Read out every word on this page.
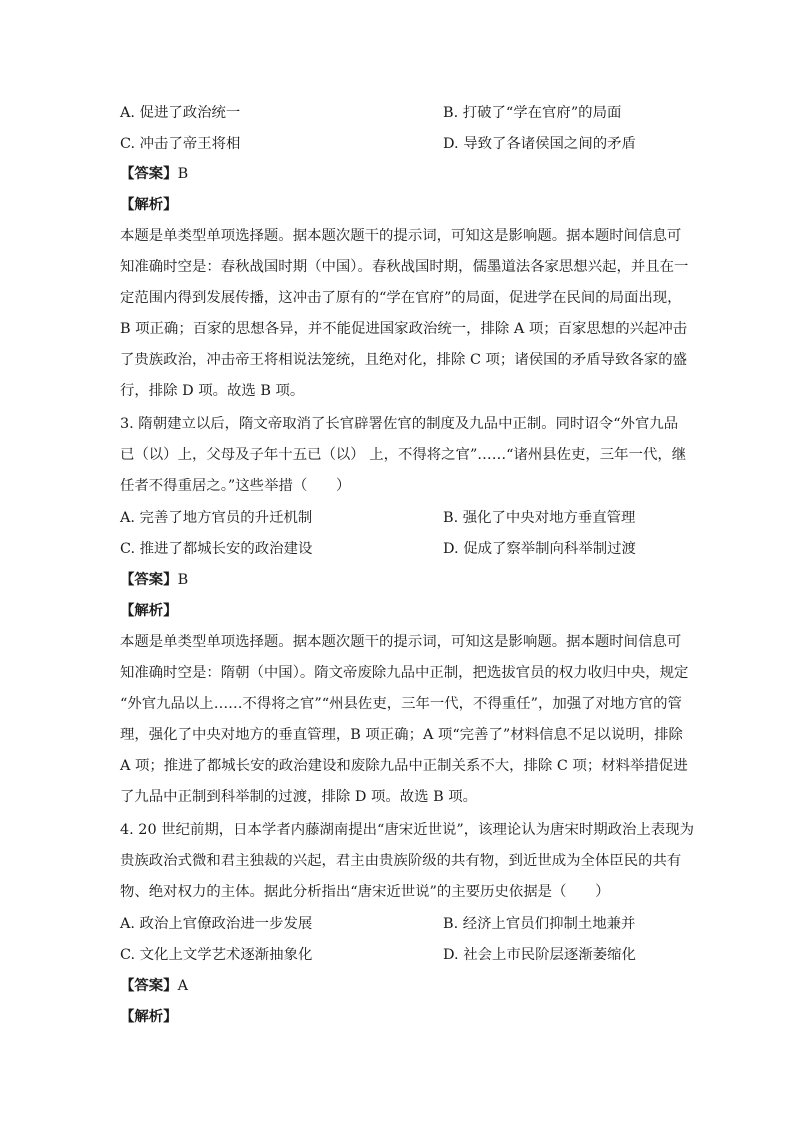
A. 促进了政治统一	B. 打破了“学在官府”的局面
C. 冲击了帝王将相	D. 导致了各诸侯国之间的矛盾
【答案】B
【解析】
本题是单类型单项选择题。据本题次题干的提示词，可知这是影响题。据本题时间信息可
知准确时空是：春秋战国时期（中国）。春秋战国时期，儒墨道法各家思想兴起，并且在一
定范围内得到发展传播，这冲击了原有的“学在官府”的局面，促进学在民间的局面出现，
B 项正确；百家的思想各异，并不能促进国家政治统一，排除 A 项；百家思想的兴起冲击
了贵族政治，冲击帝王将相说法笼统，且绝对化，排除 C 项；诸侯国的矛盾导致各家的盛
行，排除 D 项。故选 B 项。
3. 隋朝建立以后，隋文帝取消了长官辟署佐官的制度及九品中正制。同时诏令“外官九品
已（以）上，父母及子年十五已（以） 上，不得将之官”……“诸州县佐吏，三年一代，继
任者不得重居之。”这些举措（　　）
A. 完善了地方官员的升迁机制	B. 强化了中央对地方垂直管理
C. 推进了都城长安的政治建设	D. 促成了察举制向科举制过渡
【答案】B
【解析】
本题是单类型单项选择题。据本题次题干的提示词，可知这是影响题。据本题时间信息可
知准确时空是：隋朝（中国）。隋文帝废除九品中正制，把选拔官员的权力收归中央，规定
“外官九品以上……不得将之官”“州县佐吏，三年一代，不得重任”，加强了对地方官的管
理，强化了中央对地方的垂直管理，B 项正确；A 项“完善了”材料信息不足以说明，排除
A 项；推进了都城长安的政治建设和废除九品中正制关系不大，排除 C 项；材料举措促进
了九品中正制到科举制的过渡，排除 D 项。故选 B 项。
4. 20 世纪前期，日本学者内藤湖南提出“唐宋近世说”，该理论认为唐宋时期政治上表现为
贵族政治式微和君主独裁的兴起，君主由贵族阶级的共有物，到近世成为全体臣民的共有
物、绝对权力的主体。据此分析指出“唐宋近世说”的主要历史依据是（　　）
A. 政治上官僚政治进一步发展	B. 经济上官员们抑制土地兼并
C. 文化上文学艺术逐渐抽象化	D. 社会上市民阶层逐渐萎缩化
【答案】A
【解析】
